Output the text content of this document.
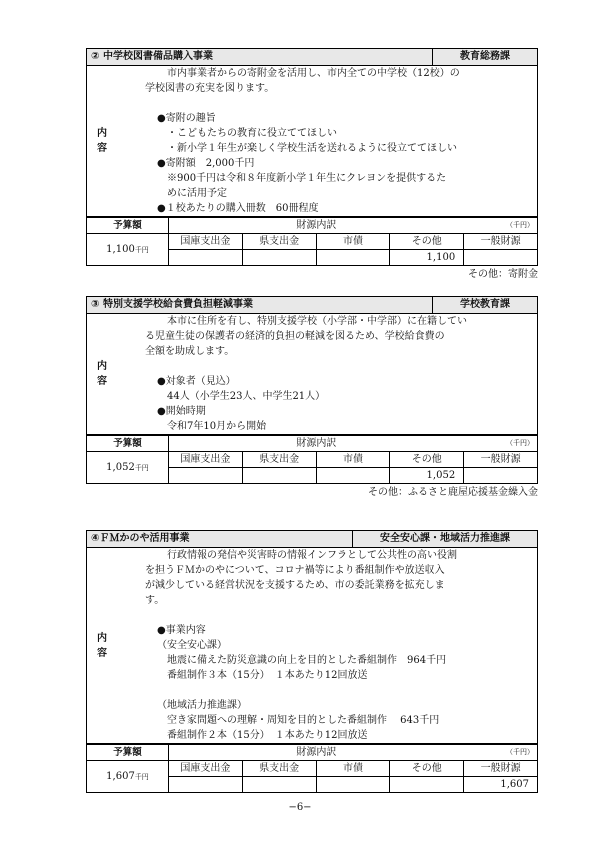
② 中学校図書備品購入事業	教育総務課
内　容
市内事業者からの寄附金を活用し、市内全ての中学校（12校）の
学校図書の充実を図ります。
●寄附の趣旨
・こどもたちの教育に役立ててほしい
・新小学１年生が楽しく学校生活を送れるように役立ててほしい
●寄附額　2,000千円
※900千円は令和８年度新小学１年生にクレヨンを提供するた
めに活用予定
●１校あたりの購入冊数　60冊程度
予算額	財源内訳				（千円）
1,100千円	国庫支出金	県支出金	市債	その他	一般財源
				1,100	
その他：寄附金
③ 特別支援学校給食費負担軽減事業	学校教育課
内　容
本市に住所を有し、特別支援学校（小学部・中学部）に在籍してい
る児童生徒の保護者の経済的負担の軽減を図るため、学校給食費の
全額を助成します。
●対象者（見込）
44人（小学生23人、中学生21人）
●開始時期
令和7年10月から開始
予算額	財源内訳				（千円）
1,052千円	国庫支出金	県支出金	市債	その他	一般財源
				1,052	
その他：ふるさと鹿屋応援基金繰入金
④ＦＭかのや活用事業	安全安心課・地域活力推進課
内　容
行政情報の発信や災害時の情報インフラとして公共性の高い役割
を担うＦＭかのやについて、コロナ禍等により番組制作や放送収入
が減少している経営状況を支援するため、市の委託業務を拡充しま
す。
●事業内容
（安全安心課）
地震に備えた防災意識の向上を目的とした番組制作　964千円
番組制作３本（15分）　１本あたり12回放送
（地域活力推進課）
空き家問題への理解・周知を目的とした番組制作　 643千円
番組制作２本（15分）　１本あたり12回放送
予算額	財源内訳				（千円）
1,607千円	国庫支出金	県支出金	市債	その他	一般財源
					1,607
−6−
